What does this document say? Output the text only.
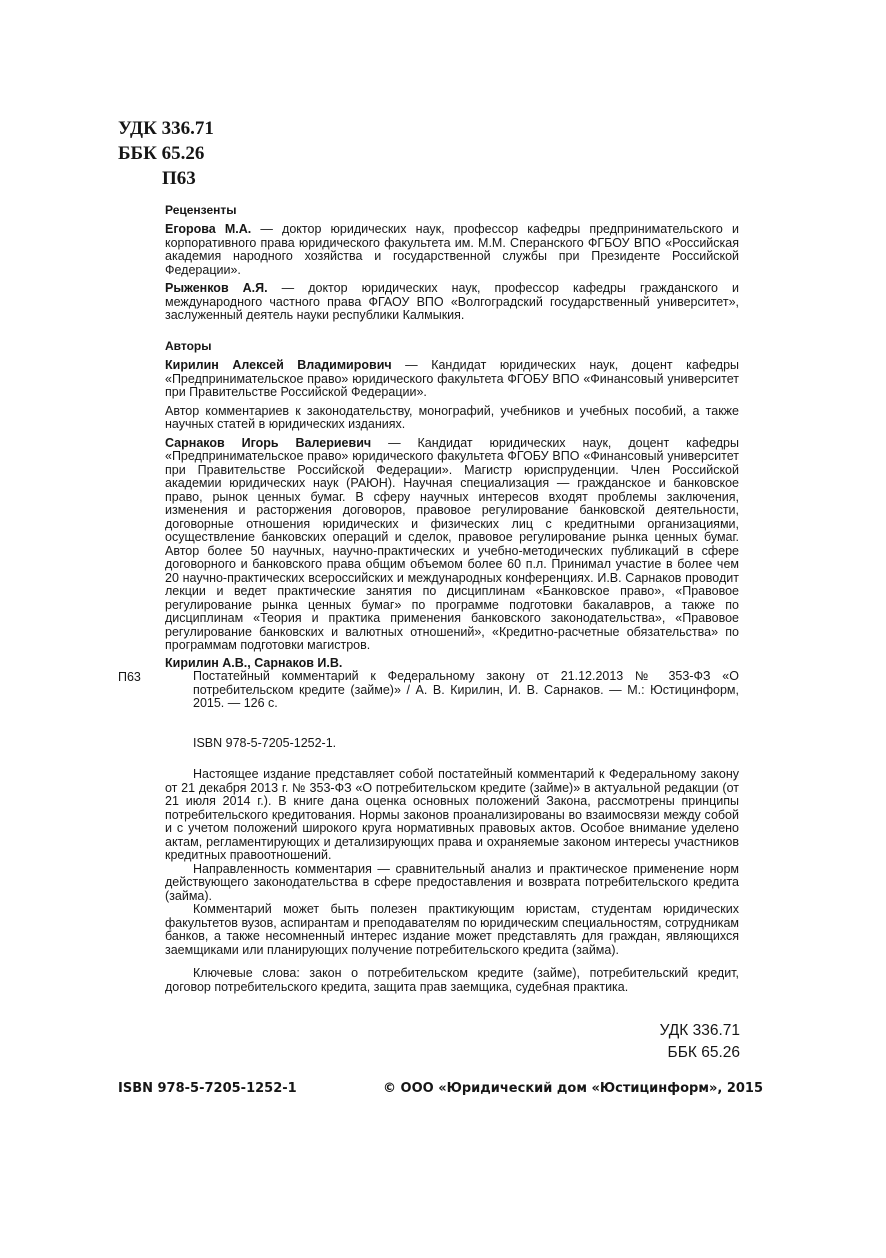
УДК 336.71
ББК 65.26
П63
Рецензенты

Егорова М.А. — доктор юридических наук, профессор кафедры предпринимательского и корпоративного права юридического факультета им. М.М. Сперанского ФГБОУ ВПО «Российская академия народного хозяйства и государственной службы при Президенте Российской Федерации».

Рыженков А.Я. — доктор юридических наук, профессор кафедры гражданского и международного частного права ФГАОУ ВПО «Волгоградский государственный университет», заслуженный деятель науки республики Калмыкия.

Авторы

Кирилин Алексей Владимирович — Кандидат юридических наук, доцент кафедры «Предпринимательское право» юридического факультета ФГОБУ ВПО «Финансовый университет при Правительстве Российской Федерации».

Автор комментариев к законодательству, монографий, учебников и учебных пособий, а также научных статей в юридических изданиях.

Сарнаков Игорь Валериевич — Кандидат юридических наук, доцент кафедры «Предпринимательское право» юридического факультета ФГОБУ ВПО «Финансовый университет при Правительстве Российской Федерации». Магистр юриспруденции. Член Российской академии юридических наук (РАЮН). Научная специализация — гражданское и банковское право, рынок ценных бумаг. В сферу научных интересов входят проблемы заключения, изменения и расторжения договоров, правовое регулирование банковской деятельности, договорные отношения юридических и физических лиц с кредитными организациями, осуществление банковских операций и сделок, правовое регулирование рынка ценных бумаг. Автор более 50 научных, научно-практических и учебно-методических публикаций в сфере договорного и банковского права общим объемом более 60 п.л. Принимал участие в более чем 20 научно-практических всероссийских и международных конференциях. И.В. Сарнаков проводит лекции и ведет практические занятия по дисциплинам «Банковское право», «Правовое регулирование рынка ценных бумаг» по программе подготовки бакалавров, а также по дисциплинам «Теория и практика применения банковского законодательства», «Правовое регулирование банковских и валютных отношений», «Кредитно-расчетные обязательства» по программам подготовки магистров.

Кирилин А.В., Сарнаков И.В.
П63	Постатейный комментарий к Федеральному закону от 21.12.2013 № 353-ФЗ «О потребительском кредите (займе)» / А. В. Кирилин, И. В. Сарнаков. — М.: Юстицинформ, 2015. — 126 с.
ISBN 978-5-7205-1252-1.

Настоящее издание представляет собой постатейный комментарий к Федеральному закону от 21 декабря 2013 г. № 353-ФЗ «О потребительском кредите (займе)» в актуальной редакции (от 21 июля 2014 г.). В книге дана оценка основных положений Закона, рассмотрены принципы потребительского кредитования. Нормы законов проанализированы во взаимосвязи между собой и с учетом положений широкого круга нормативных правовых актов. Особое внимание уделено актам, регламентирующих и детализирующих права и охраняемые законом интересы участников кредитных правоотношений.

Направленность комментария — сравнительный анализ и практическое применение норм действующего законодательства в сфере предоставления и возврата потребительского кредита (займа).

Комментарий может быть полезен практикующим юристам, студентам юридических факультетов вузов, аспирантам и преподавателям по юридическим специальностям, сотрудникам банков, а также несомненный интерес издание может представлять для граждан, являющихся заемщиками или планирующих получение потребительского кредита (займа).

Ключевые слова: закон о потребительском кредите (займе), потребительский кредит, договор потребительского кредита, защита прав заемщика, судебная практика.

УДК 336.71
ББК 65.26
ISBN 978-5-7205-1252-1	© ООО «Юридический дом «Юстицинформ», 2015
